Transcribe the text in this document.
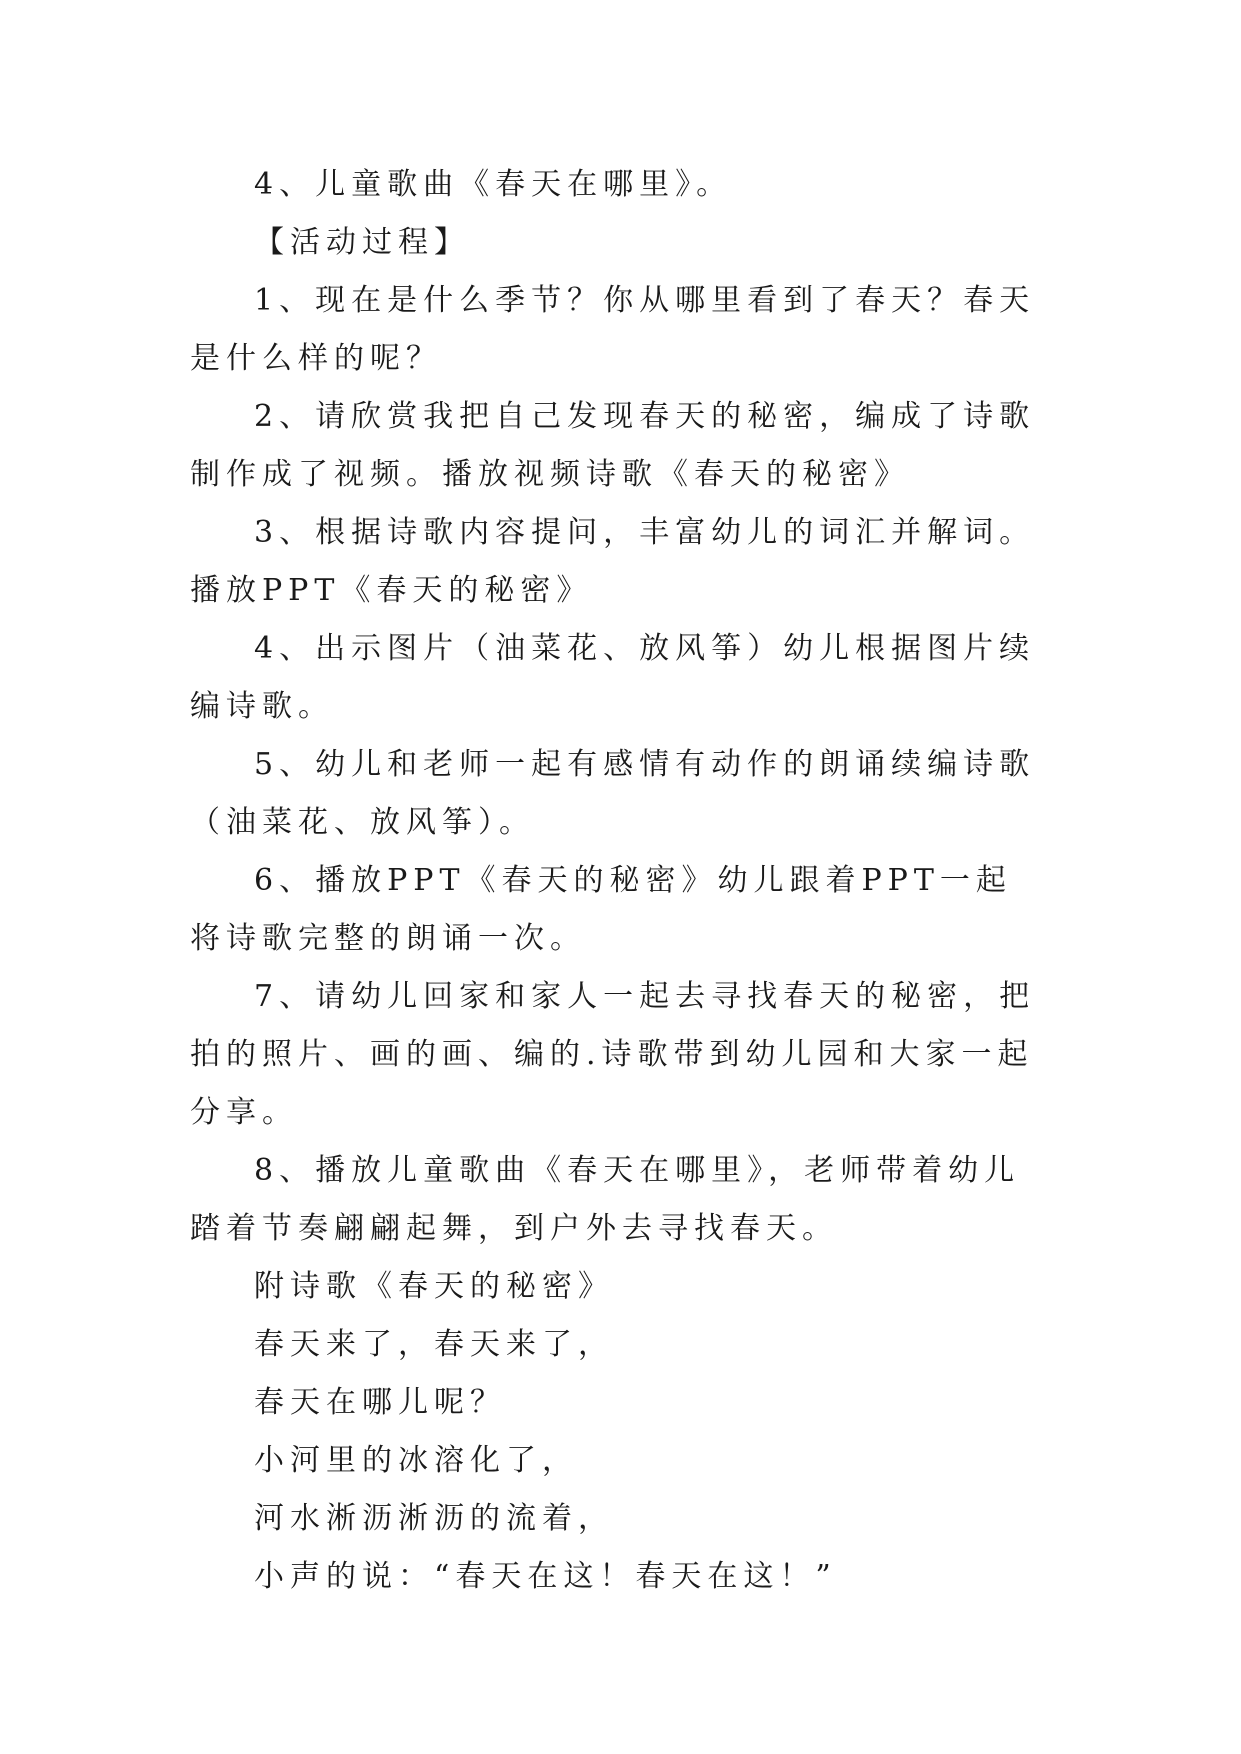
4、儿童歌曲《春天在哪里》。

【活动过程】

1、现在是什么季节？你从哪里看到了春天？春天是什么样的呢？

2、请欣赏我把自己发现春天的秘密，编成了诗歌制作成了视频。播放视频诗歌《春天的秘密》

3、根据诗歌内容提问，丰富幼儿的词汇并解词。播放PPT《春天的秘密》

4、出示图片（油菜花、放风筝）幼儿根据图片续编诗歌。

5、幼儿和老师一起有感情有动作的朗诵续编诗歌（油菜花、放风筝）。

6、播放PPT《春天的秘密》幼儿跟着PPT一起将诗歌完整的朗诵一次。

7、请幼儿回家和家人一起去寻找春天的秘密，把拍的照片、画的画、编的.诗歌带到幼儿园和大家一起分享。

8、播放儿童歌曲《春天在哪里》，老师带着幼儿踏着节奏翩翩起舞，到户外去寻找春天。

附诗歌《春天的秘密》

春天来了，春天来了，

春天在哪儿呢？

小河里的冰溶化了，

河水淅沥淅沥的流着，

小声的说：“春天在这！春天在这！”
